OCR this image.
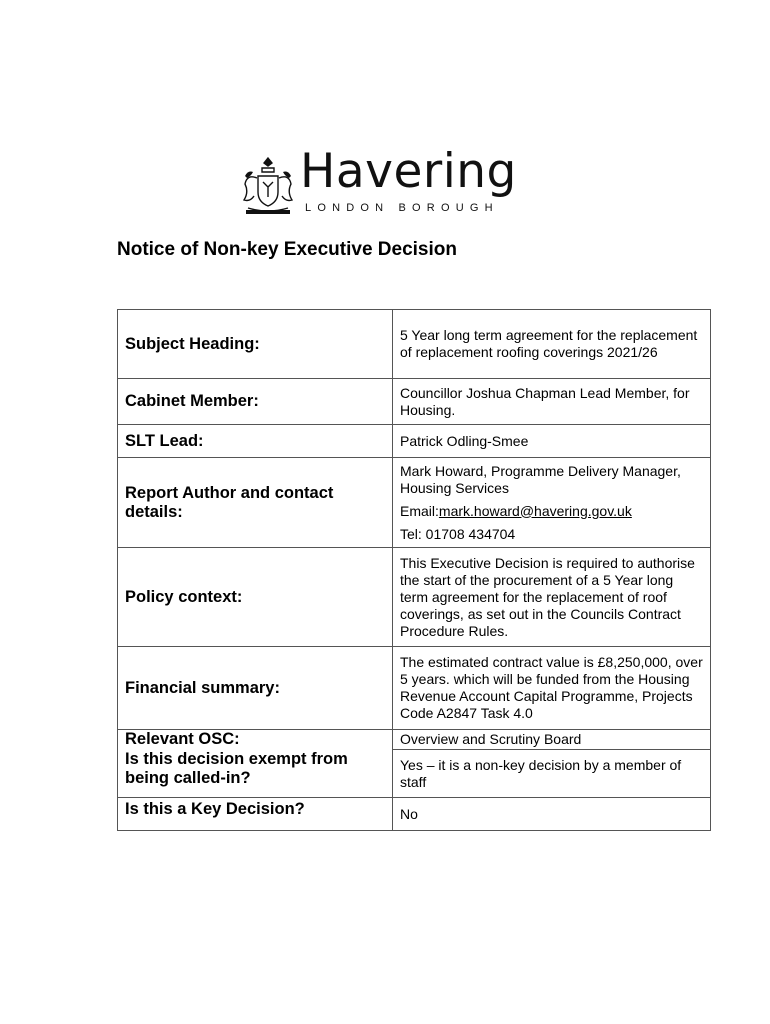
Havering
LONDON BOROUGH
Notice of Non-key Executive Decision
Subject Heading:	5 Year long term agreement for the replacement of replacement roofing coverings 2021/26
Cabinet Member:	Councillor Joshua Chapman Lead Member, for Housing.
SLT Lead:	Patrick Odling-Smee
Report Author and contact details:	Mark Howard, Programme Delivery Manager, Housing Services

Email:mark.howard@havering.gov.uk

Tel: 01708 434704

Policy context:	This Executive Decision is required to authorise the start of the procurement of a 5 Year long term agreement for the replacement of roof coverings, as set out in the Councils Contract Procedure Rules.
Financial summary:	The estimated contract value is £8,250,000, over 5 years. which will be funded from the Housing Revenue Account Capital Programme, Projects Code A2847 Task 4.0
Relevant OSC:	Overview and Scrutiny Board
Is this decision exempt from being called-in?	Yes – it is a non-key decision by a member of staff
Is this a Key Decision?	No
